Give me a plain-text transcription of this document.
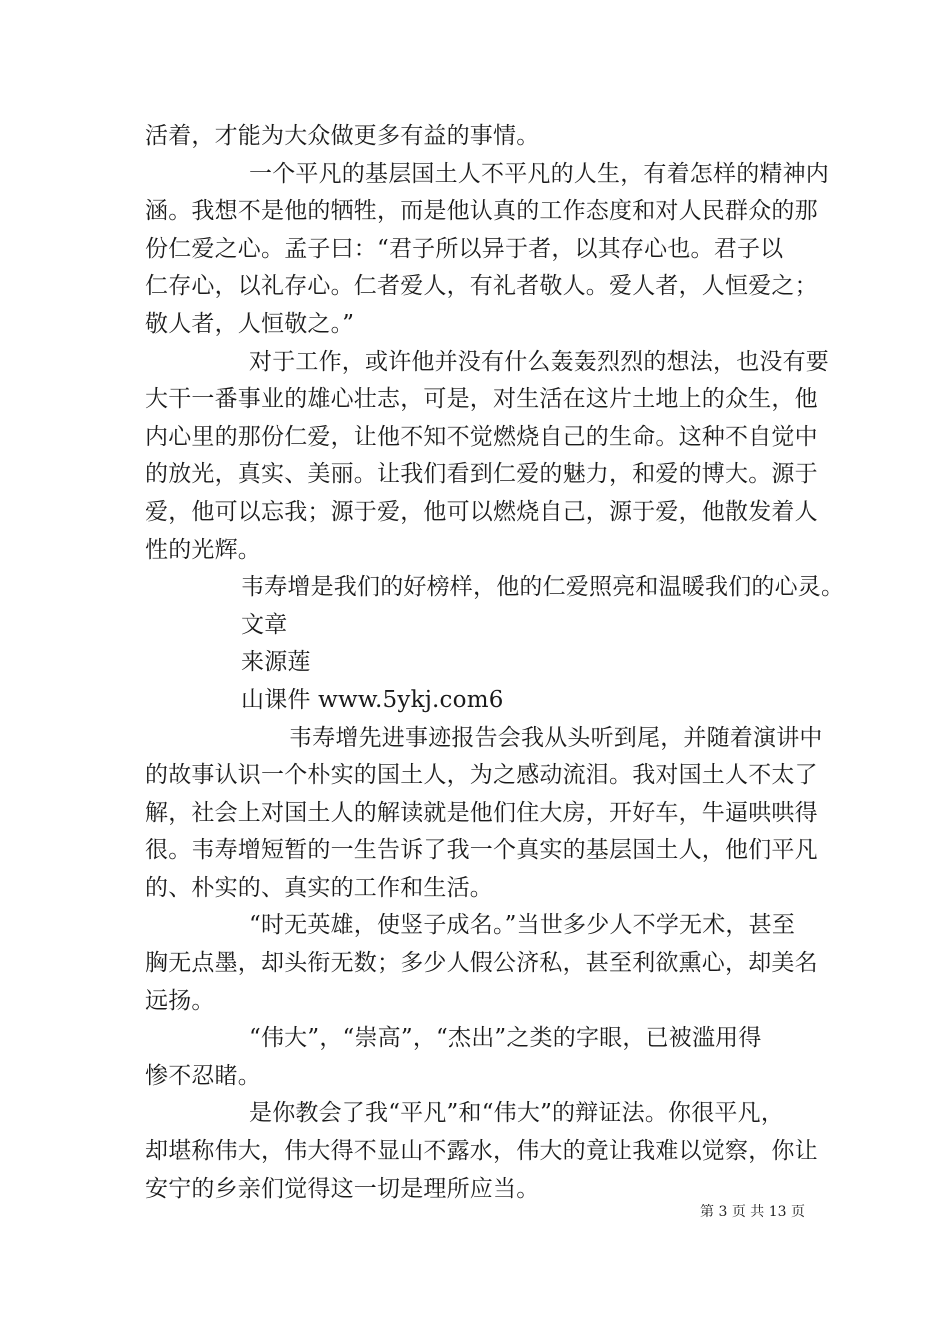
活着，才能为大众做更多有益的事情。
一个平凡的基层国土人不平凡的人生，有着怎样的精神内
涵。我想不是他的牺牲，而是他认真的工作态度和对人民群众的那
份仁爱之心。孟子曰：“君子所以异于者，以其存心也。君子以
仁存心，以礼存心。仁者爱人，有礼者敬人。爱人者，人恒爱之；
敬人者，人恒敬之。”
对于工作，或许他并没有什么轰轰烈烈的想法，也没有要
大干一番事业的雄心壮志，可是，对生活在这片土地上的众生，他
内心里的那份仁爱，让他不知不觉燃烧自己的生命。这种不自觉中
的放光，真实、美丽。让我们看到仁爱的魅力，和爱的博大。源于
爱，他可以忘我；源于爱，他可以燃烧自己，源于爱，他散发着人
性的光辉。
韦寿增是我们的好榜样，他的仁爱照亮和温暖我们的心灵。
文章
来源莲
山课件 www.5ykj.com6
韦寿增先进事迹报告会我从头听到尾，并随着演讲中
的故事认识一个朴实的国土人，为之感动流泪。我对国土人不太了
解，社会上对国土人的解读就是他们住大房，开好车，牛逼哄哄得
很。韦寿增短暂的一生告诉了我一个真实的基层国土人，他们平凡
的、朴实的、真实的工作和生活。
“时无英雄，使竖子成名。”当世多少人不学无术，甚至
胸无点墨，却头衔无数；多少人假公济私，甚至利欲熏心，却美名
远扬。
“伟大”，“崇高”，“杰出”之类的字眼，已被滥用得
惨不忍睹。
是你教会了我“平凡”和“伟大”的辩证法。你很平凡，
却堪称伟大，伟大得不显山不露水，伟大的竟让我难以觉察，你让
安宁的乡亲们觉得这一切是理所应当。
第 3 页 共 13 页
